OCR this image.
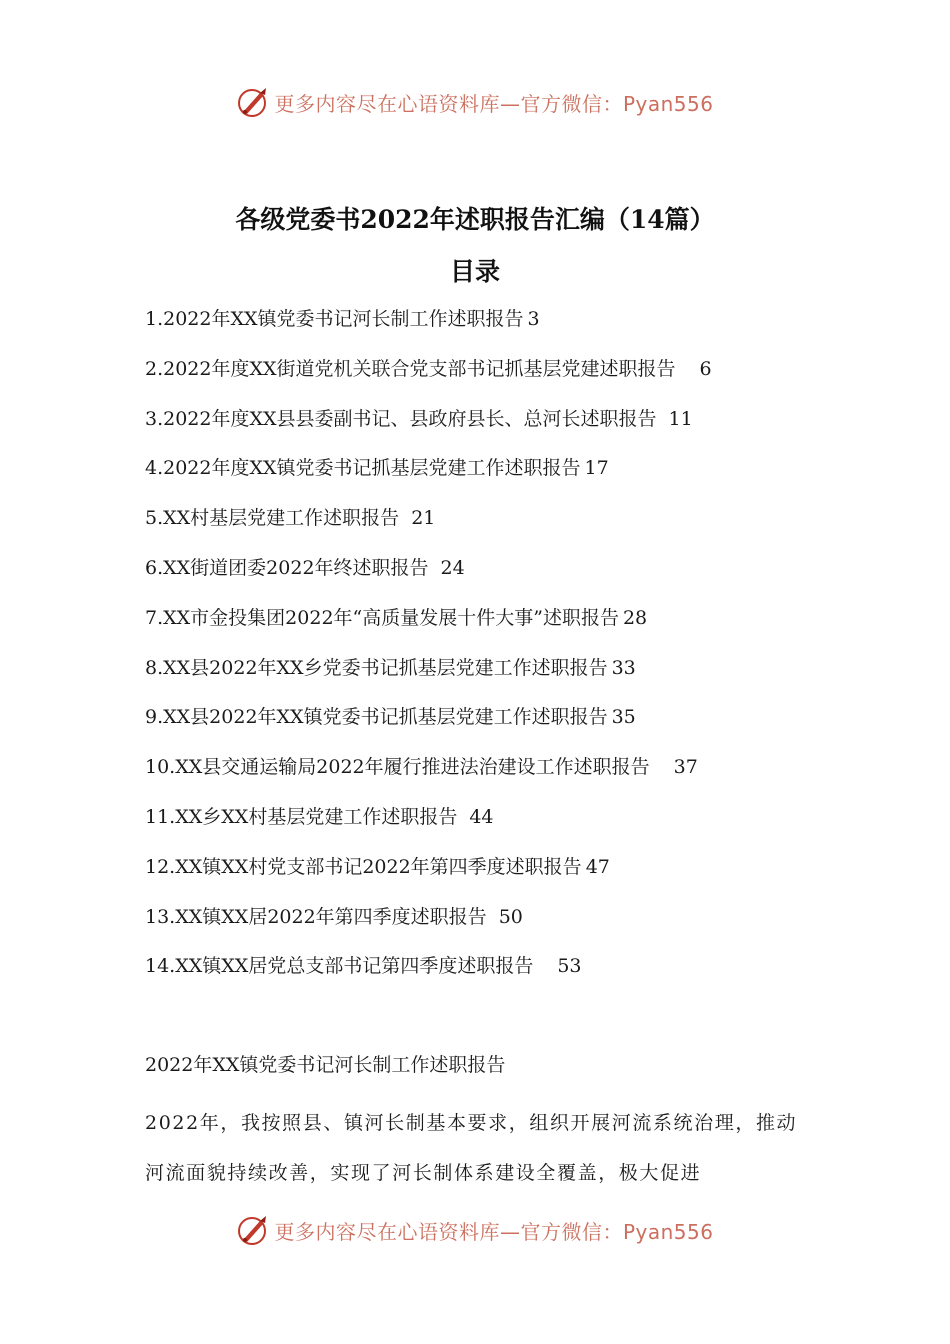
更多内容尽在心语资料库—官方微信：Pyan556
各级党委书2022年述职报告汇编（14篇）
目录
1.2022年XX镇党委书记河长制工作述职报告 3
2.2022年度XX街道党机关联合党支部书记抓基层党建述职报告 6
3.2022年度XX县县委副书记、县政府县长、总河长述职报告 11
4.2022年度XX镇党委书记抓基层党建工作述职报告 17
5.XX村基层党建工作述职报告 21
6.XX街道团委2022年终述职报告 24
7.XX市金投集团2022年“高质量发展十件大事”述职报告 28
8.XX县2022年XX乡党委书记抓基层党建工作述职报告 33
9.XX县2022年XX镇党委书记抓基层党建工作述职报告 35
10.XX县交通运输局2022年履行推进法治建设工作述职报告 37
11.XX乡XX村基层党建工作述职报告 44
12.XX镇XX村党支部书记2022年第四季度述职报告 47
13.XX镇XX居2022年第四季度述职报告 50
14.XX镇XX居党总支部书记第四季度述职报告 53
2022年XX镇党委书记河长制工作述职报告
2022年，我按照县、镇河长制基本要求，组织开展河流系统治理，推动河流面貌持续改善，实现了河长制体系建设全覆盖，极大促进
更多内容尽在心语资料库—官方微信：Pyan556
